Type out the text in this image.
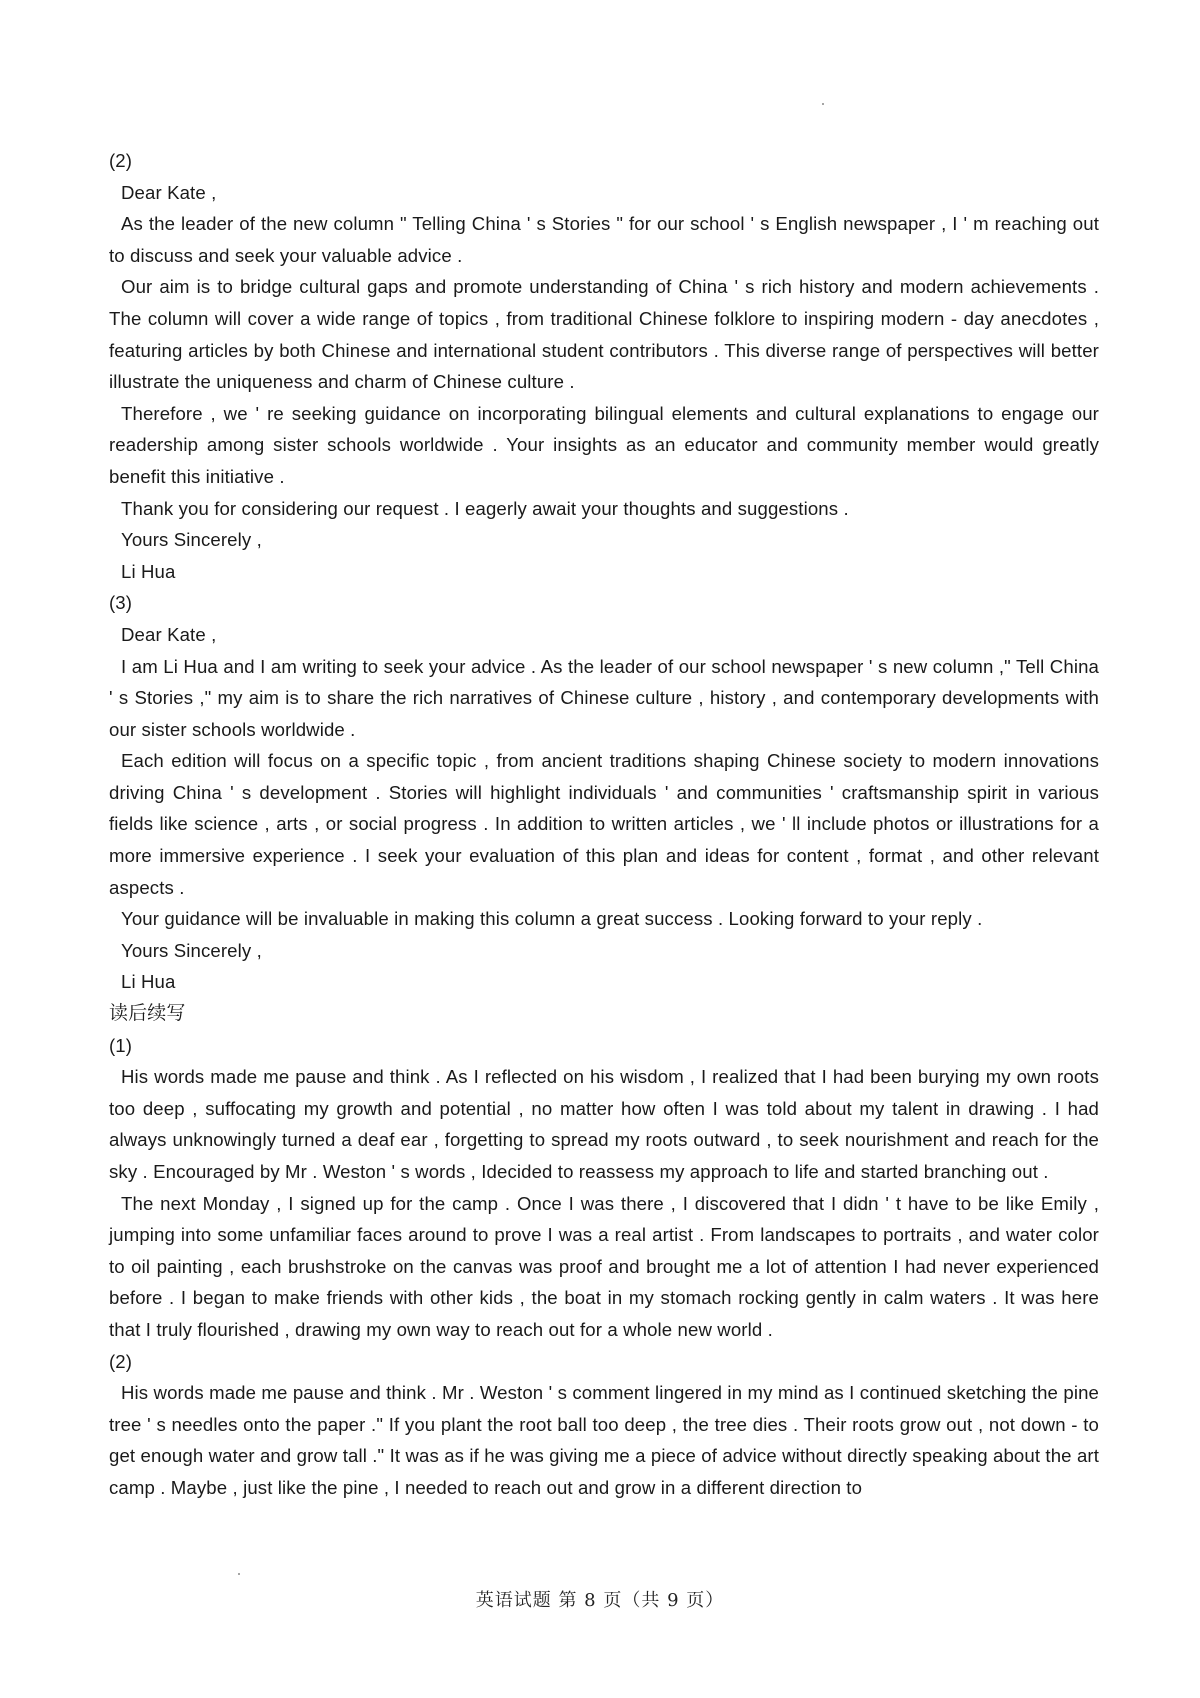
(2)

Dear Kate ,

As the leader of the new column " Telling China ' s Stories " for our school ' s English newspaper , I ' m reaching out to discuss and seek your valuable advice .

Our aim is to bridge cultural gaps and promote understanding of China ' s rich history and modern achievements . The column will cover a wide range of topics , from traditional Chinese folklore to inspiring modern - day anecdotes , featuring articles by both Chinese and international student contributors . This diverse range of perspectives will better illustrate the uniqueness and charm of Chinese culture .

Therefore , we ' re seeking guidance on incorporating bilingual elements and cultural explanations to engage our readership among sister schools worldwide . Your insights as an educator and community member would greatly benefit this initiative .

Thank you for considering our request . I eagerly await your thoughts and suggestions .

Yours Sincerely ,

Li Hua

(3)

Dear Kate ,

I am Li Hua and I am writing to seek your advice . As the leader of our school newspaper ' s new column ," Tell China ' s Stories ," my aim is to share the rich narratives of Chinese culture , history , and contemporary developments with our sister schools worldwide .

Each edition will focus on a specific topic , from ancient traditions shaping Chinese society to modern innovations driving China ' s development . Stories will highlight individuals ' and communities ' craftsmanship spirit in various fields like science , arts , or social progress . In addition to written articles , we ' ll include photos or illustrations for a more immersive experience . I seek your evaluation of this plan and ideas for content , format , and other relevant aspects .

Your guidance will be invaluable in making this column a great success . Looking forward to your reply .

Yours Sincerely ,

Li Hua

读后续写

(1)

His words made me pause and think . As I reflected on his wisdom , I realized that I had been burying my own roots too deep , suffocating my growth and potential , no matter how often I was told about my talent in drawing . I had always unknowingly turned a deaf ear , forgetting to spread my roots outward , to seek nourishment and reach for the sky . Encouraged by Mr . Weston ' s words , Idecided to reassess my approach to life and started branching out .

The next Monday , I signed up for the camp . Once I was there , I discovered that I didn ' t have to be like Emily , jumping into some unfamiliar faces around to prove I was a real artist . From landscapes to portraits , and water color to oil painting , each brushstroke on the canvas was proof and brought me a lot of attention I had never experienced before . I began to make friends with other kids , the boat in my stomach rocking gently in calm waters . It was here that I truly flourished , drawing my own way to reach out for a whole new world .

(2)

His words made me pause and think . Mr . Weston ' s comment lingered in my mind as I continued sketching the pine tree ' s needles onto the paper ." If you plant the root ball too deep , the tree dies . Their roots grow out , not down - to get enough water and grow tall ." It was as if he was giving me a piece of advice without directly speaking about the art camp . Maybe , just like the pine , I needed to reach out and grow in a different direction to

英语试题 第 8 页（共 9 页）
